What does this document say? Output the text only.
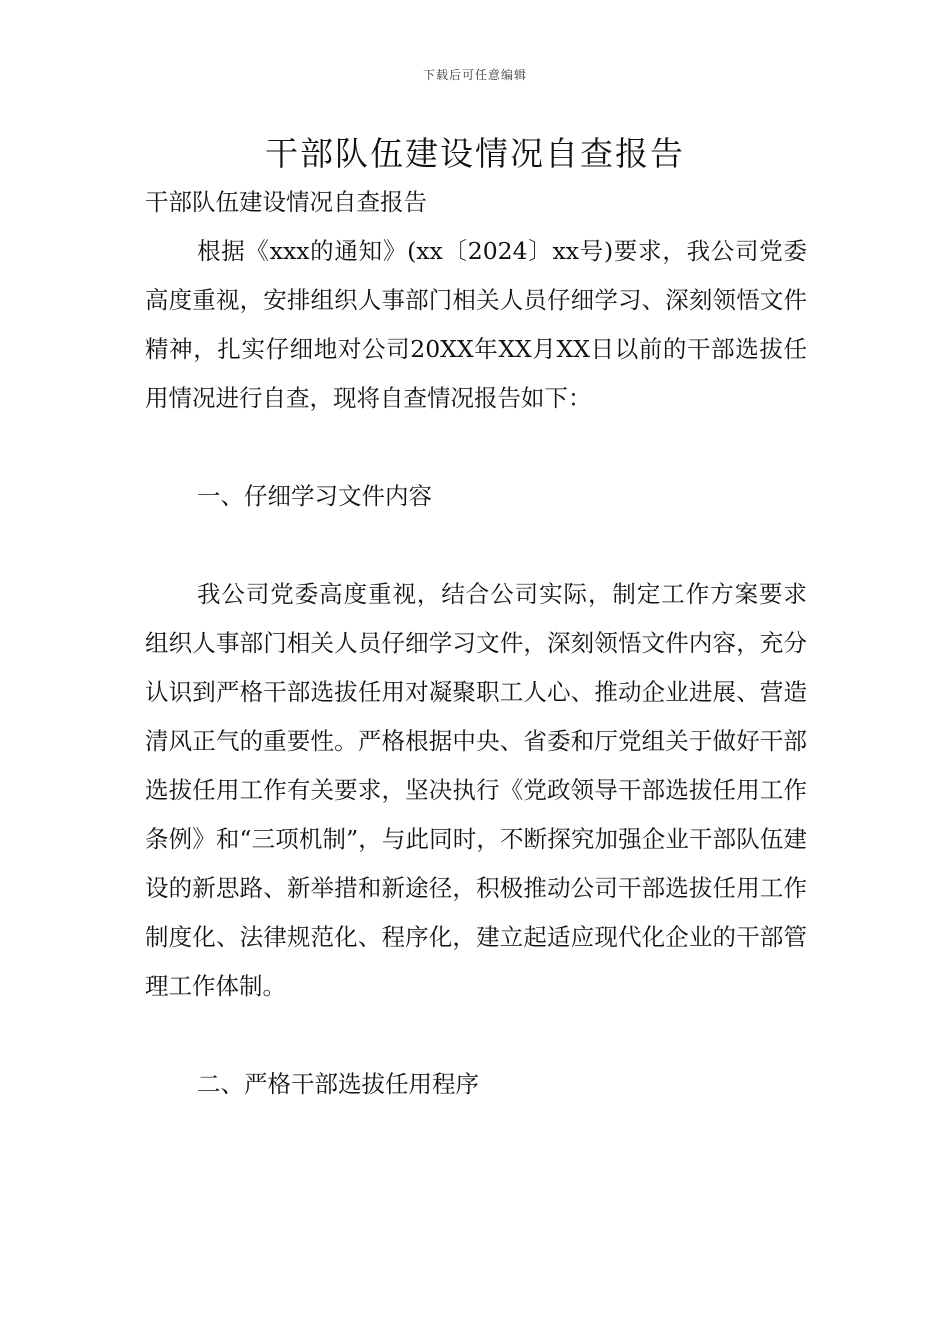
下载后可任意编辑
干部队伍建设情况自查报告

干部队伍建设情况自查报告

根据《xxx的通知》(xx〔2024〕xx号)要求，我公司党委高度重视，安排组织人事部门相关人员仔细学习、深刻领悟文件精神，扎实仔细地对公司20XX年XX月XX日以前的干部选拔任用情况进行自查，现将自查情况报告如下：

一、仔细学习文件内容

我公司党委高度重视，结合公司实际，制定工作方案要求组织人事部门相关人员仔细学习文件，深刻领悟文件内容，充分认识到严格干部选拔任用对凝聚职工人心、推动企业进展、营造清风正气的重要性。严格根据中央、省委和厅党组关于做好干部选拔任用工作有关要求，坚决执行《党政领导干部选拔任用工作条例》和“三项机制”，与此同时，不断探究加强企业干部队伍建设的新思路、新举措和新途径，积极推动公司干部选拔任用工作制度化、法律规范化、程序化，建立起适应现代化企业的干部管理工作体制。

二、严格干部选拔任用程序
